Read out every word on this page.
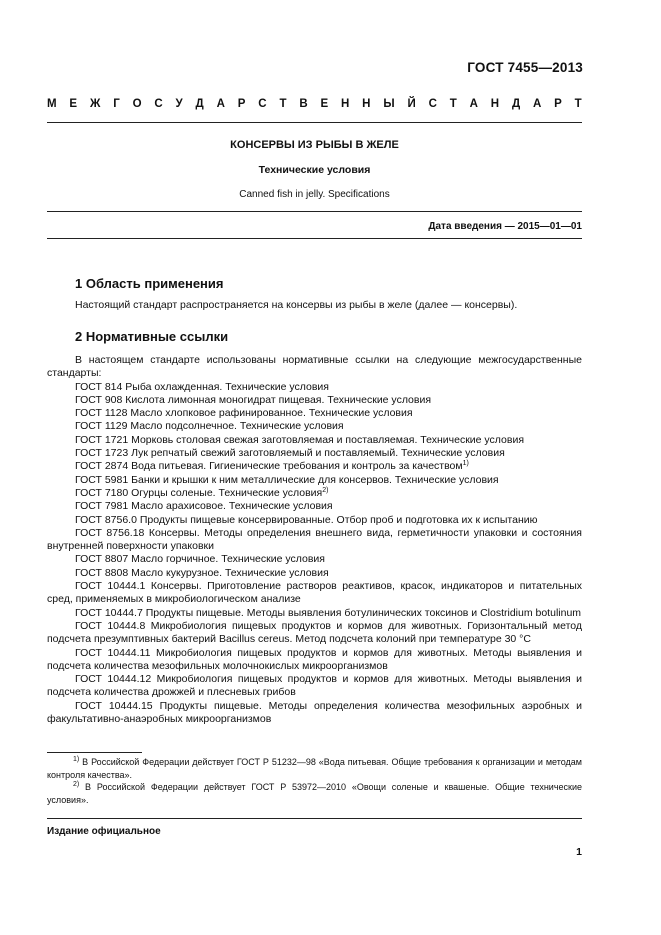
ГОСТ 7455—2013
М Е Ж Г О С У Д А Р С Т В Е Н Н Ы Й С Т А Н Д А Р Т
КОНСЕРВЫ ИЗ РЫБЫ В ЖЕЛЕ
Технические условия
Canned fish in jelly. Specifications
Дата введения — 2015—01—01
1 Область применения
Настоящий стандарт распространяется на консервы из рыбы в желе (далее — консервы).
2 Нормативные ссылки
В настоящем стандарте использованы нормативные ссылки на следующие межгосударственные стандарты:
ГОСТ 814 Рыба охлажденная. Технические условия
ГОСТ 908 Кислота лимонная моногидрат пищевая. Технические условия
ГОСТ 1128 Масло хлопковое рафинированное. Технические условия
ГОСТ 1129 Масло подсолнечное. Технические условия
ГОСТ 1721 Морковь столовая свежая заготовляемая и поставляемая. Технические условия
ГОСТ 1723 Лук репчатый свежий заготовляемый и поставляемый. Технические условия
ГОСТ 2874 Вода питьевая. Гигиенические требования и контроль за качеством$^{1)}$
ГОСТ 5981 Банки и крышки к ним металлические для консервов. Технические условия
ГОСТ 7180 Огурцы соленые. Технические условия$^{2)}$
ГОСТ 7981 Масло арахисовое. Технические условия
ГОСТ 8756.0 Продукты пищевые консервированные. Отбор проб и подготовка их к испытанию
ГОСТ 8756.18 Консервы. Методы определения внешнего вида, герметичности упаковки и состояния внутренней поверхности упаковки
ГОСТ 8807 Масло горчичное. Технические условия
ГОСТ 8808 Масло кукурузное. Технические условия
ГОСТ 10444.1 Консервы. Приготовление растворов реактивов, красок, индикаторов и питательных сред, применяемых в микробиологическом анализе
ГОСТ 10444.7 Продукты пищевые. Методы выявления ботулинических токсинов и Clostridium botulinum
ГОСТ 10444.8 Микробиология пищевых продуктов и кормов для животных. Горизонтальный метод подсчета презумптивных бактерий Bacillus cereus. Метод подсчета колоний при температуре 30 °С
ГОСТ 10444.11 Микробиология пищевых продуктов и кормов для животных. Методы выявления и подсчета количества мезофильных молочнокислых микроорганизмов
ГОСТ 10444.12 Микробиология пищевых продуктов и кормов для животных. Методы выявления и подсчета количества дрожжей и плесневых грибов
ГОСТ 10444.15 Продукты пищевые. Методы определения количества мезофильных аэробных и факультативно-анаэробных микроорганизмов
$^{1)}$ В Российской Федерации действует ГОСТ Р 51232—98 «Вода питьевая. Общие требования к организации и методам контроля качества».
$^{2)}$ В Российской Федерации действует ГОСТ Р 53972—2010 «Овощи соленые и квашеные. Общие технические условия».
Издание официальное
1
